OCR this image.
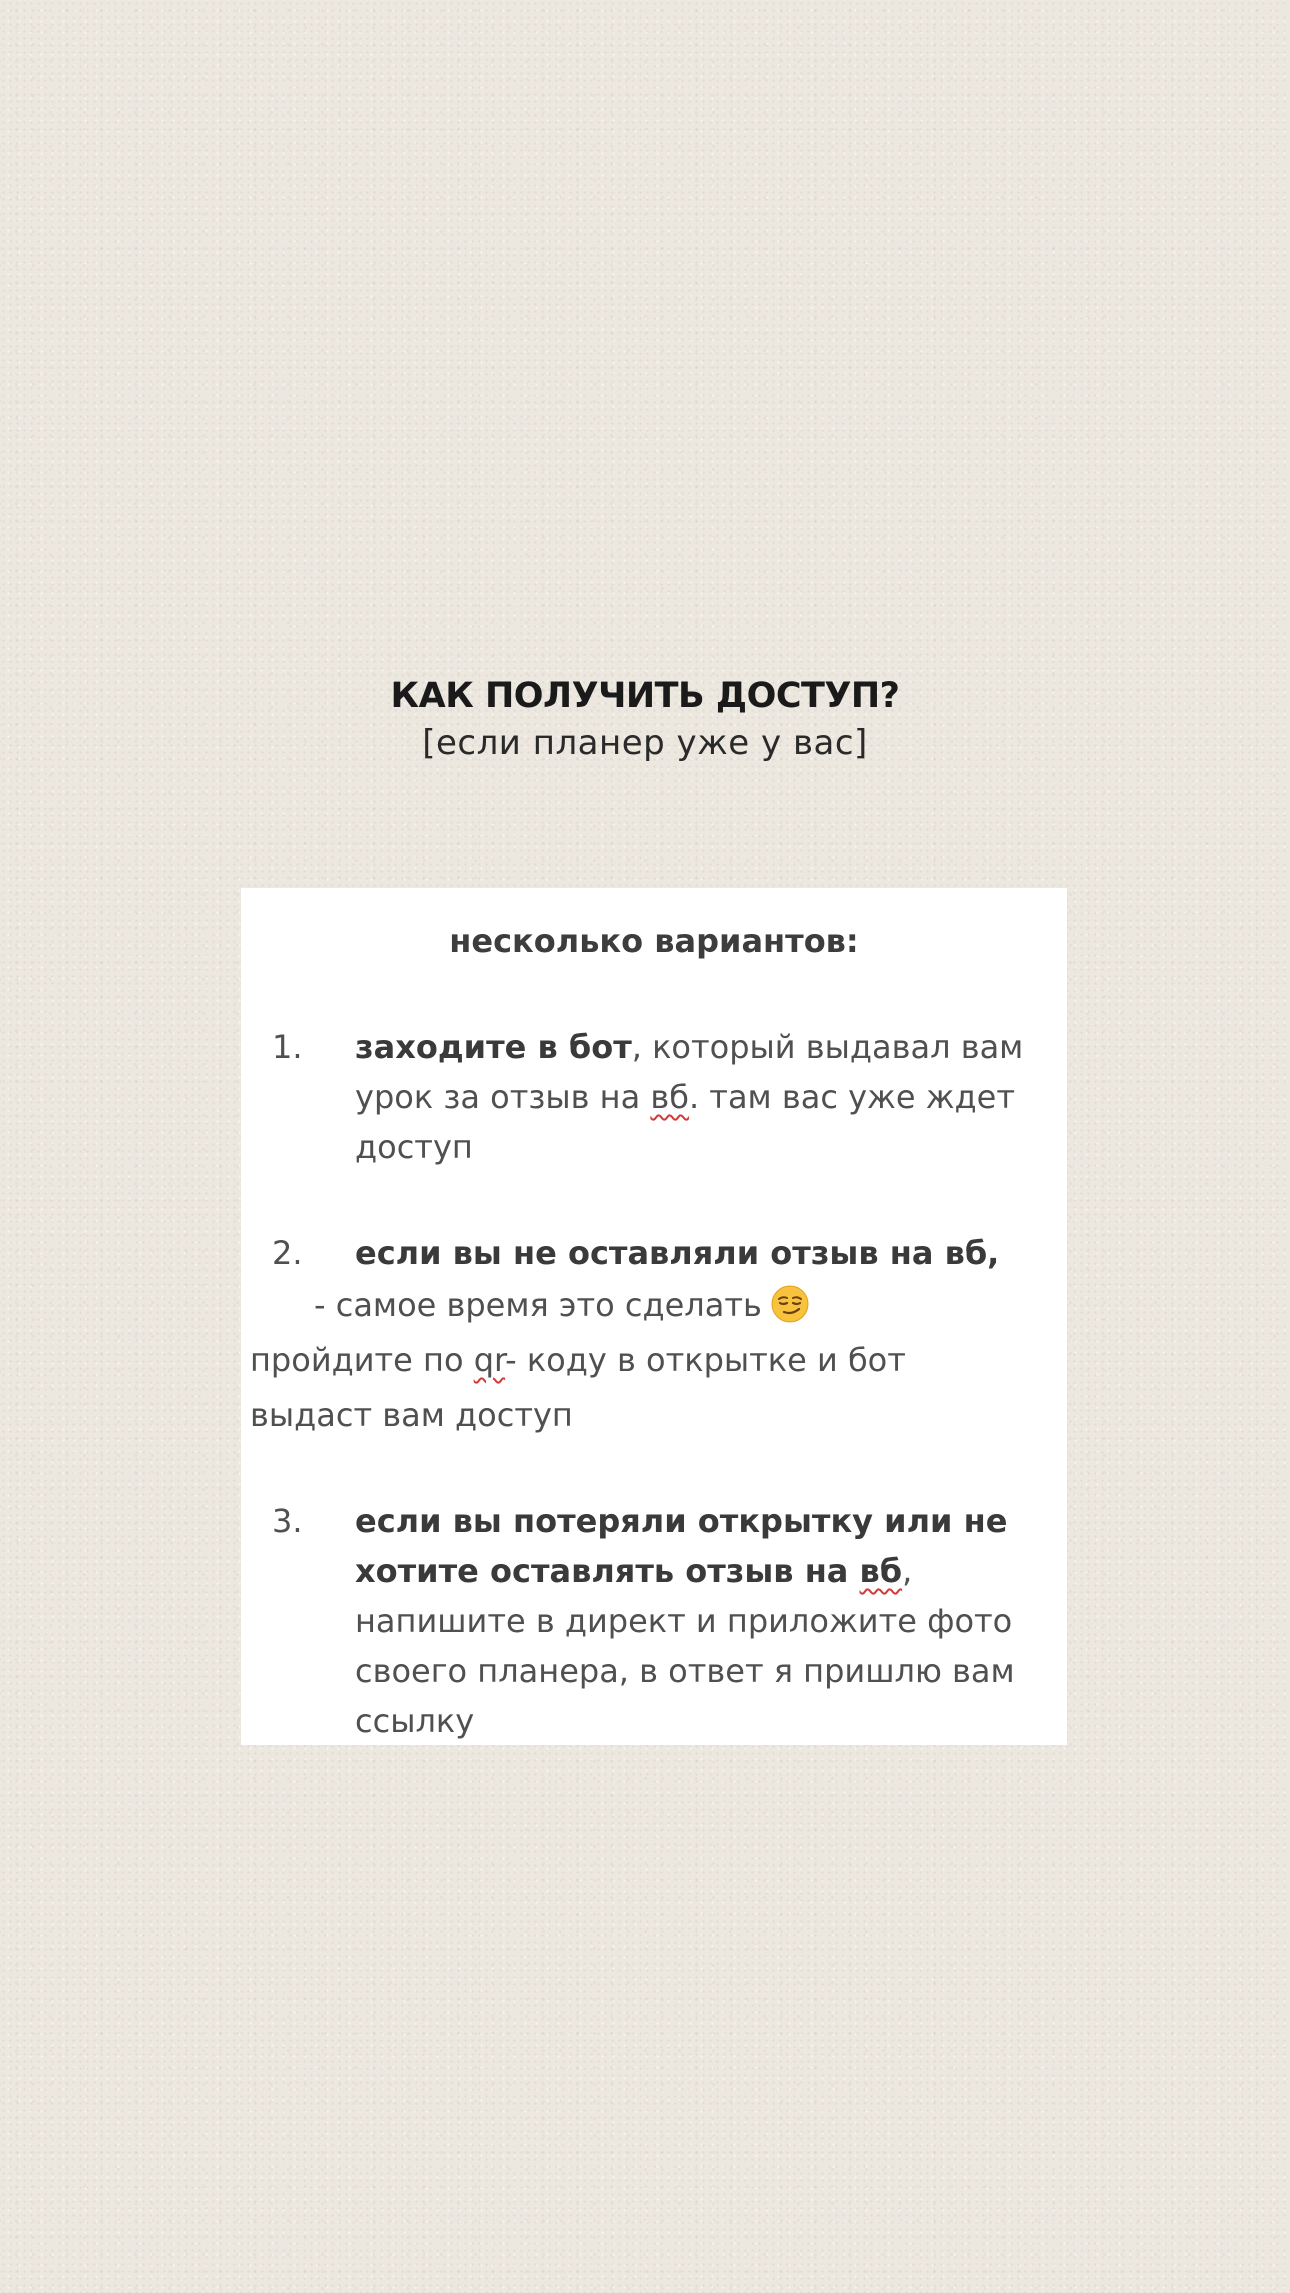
КАК ПОЛУЧИТЬ ДОСТУП?
[если планер уже у вас]
несколько вариантов:
1.	заходите в бот, который выдавал вам урок за отзыв на вб. там вас уже ждет доступ
2.	если вы не оставляли отзыв на вб,
- самое время это сделать
пройдите по qr- коду в открытке и бот
выдаст вам доступ
3.	если вы потеряли открытку или не хотите оставлять отзыв на вб, напишите в директ и приложите фото своего планера, в ответ я пришлю вам ссылку
